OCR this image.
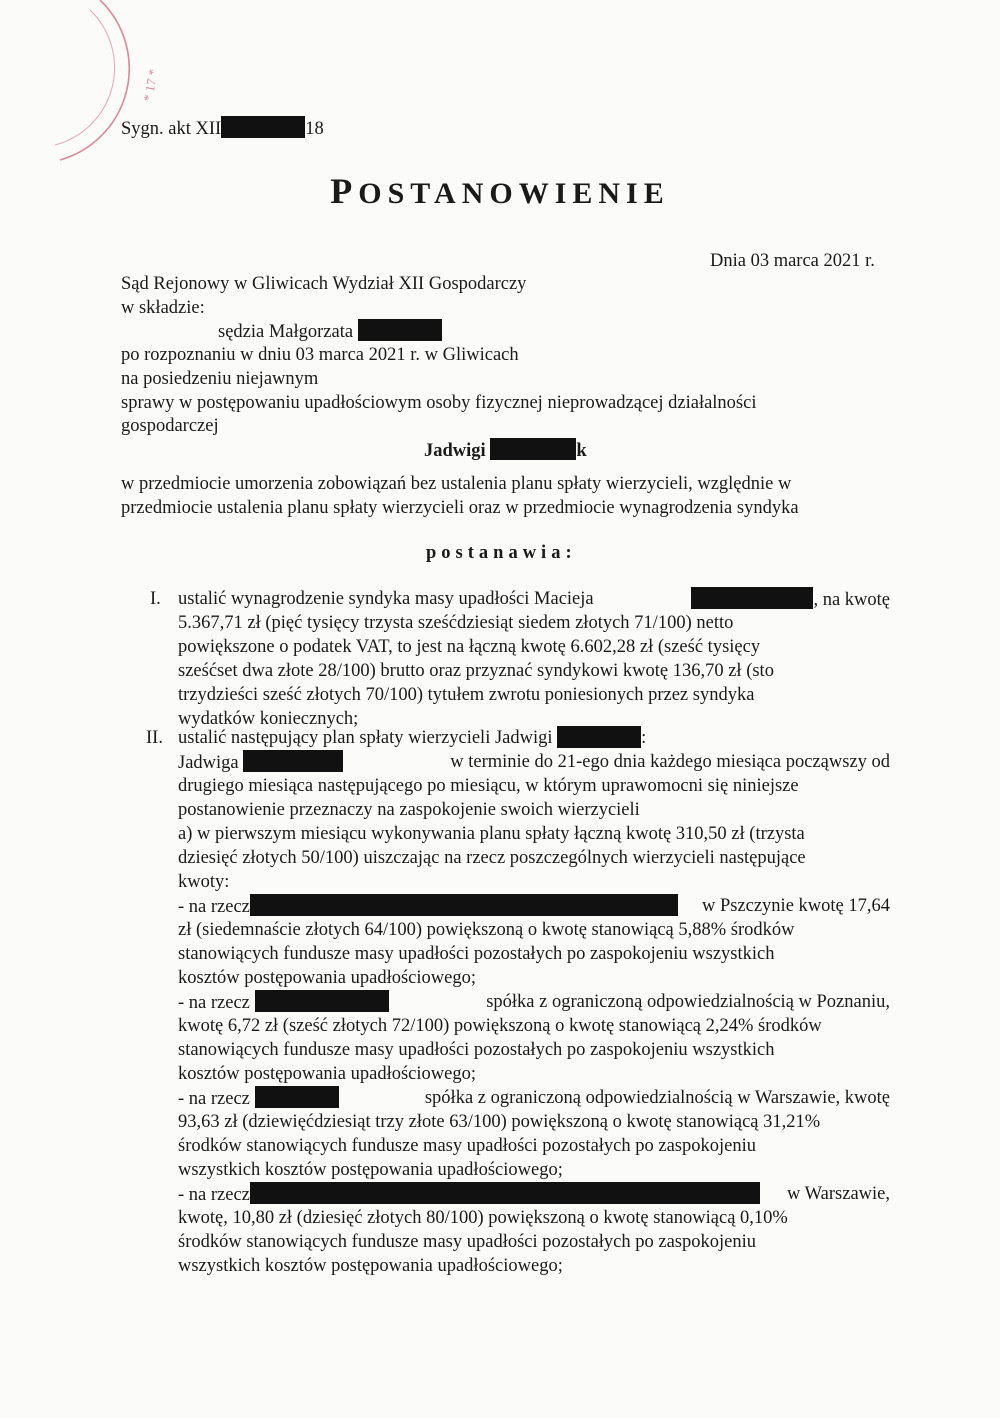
* 17 *
Sygn. akt XII	18
POSTANOWIENIE
Dnia 03 marca 2021 r.
Sąd Rejonowy w Gliwicach Wydział XII Gospodarczy
w składzie:
sędzia Małgorzata
po rozpoznaniu w dniu 03 marca 2021 r. w Gliwicach
na posiedzeniu niejawnym
sprawy w postępowaniu upadłościowym osoby fizycznej nieprowadzącej działalności
gospodarczej
Jadwigi	k
w przedmiocie umorzenia zobowiązań bez ustalenia planu spłaty wierzycieli, względnie w
przedmiocie ustalenia planu spłaty wierzycieli oraz w przedmiocie wynagrodzenia syndyka
postanawia:
I. ustalić wynagrodzenie syndyka masy upadłości Macieja	, na kwotę
5.367,71 zł (pięć tysięcy trzysta sześćdziesiąt siedem złotych 71/100) netto
powiększone o podatek VAT, to jest na łączną kwotę 6.602,28 zł (sześć tysięcy
sześćset dwa złote 28/100) brutto oraz przyznać syndykowi kwotę 136,70 zł (sto
trzydzieści sześć złotych 70/100) tytułem zwrotu poniesionych przez syndyka
wydatków koniecznych;
II. ustalić następujący plan spłaty wierzycieli Jadwigi
	:
Jadwiga	w terminie do 21-ego dnia każdego miesiąca począwszy od
drugiego miesiąca następującego po miesiącu, w którym uprawomocni się niniejsze
postanowienie przeznaczy na zaspokojenie swoich wierzycieli
a) w pierwszym miesiącu wykonywania planu spłaty łączną kwotę 310,50 zł (trzysta
dziesięć złotych 50/100) uiszczając na rzecz poszczególnych wierzycieli następujące
kwoty:
- na rzecz	w Pszczynie kwotę 17,64
zł (siedemnaście złotych 64/100) powiększoną o kwotę stanowiącą 5,88% środków
stanowiących fundusze masy upadłości pozostałych po zaspokojeniu wszystkich
kosztów postępowania upadłościowego;
- na rzecz	spółka z ograniczoną odpowiedzialnością w Poznaniu,
kwotę 6,72 zł (sześć złotych 72/100) powiększoną o kwotę stanowiącą 2,24% środków
stanowiących fundusze masy upadłości pozostałych po zaspokojeniu wszystkich
kosztów postępowania upadłościowego;
- na rzecz	spółka z ograniczoną odpowiedzialnością w Warszawie, kwotę
93,63 zł (dziewięćdziesiąt trzy złote 63/100) powiększoną o kwotę stanowiącą 31,21%
środków stanowiących fundusze masy upadłości pozostałych po zaspokojeniu
wszystkich kosztów postępowania upadłościowego;
- na rzecz	w Warszawie,
kwotę, 10,80 zł (dziesięć złotych 80/100) powiększoną o kwotę stanowiącą 0,10%
środków stanowiących fundusze masy upadłości pozostałych po zaspokojeniu
wszystkich kosztów postępowania upadłościowego;
